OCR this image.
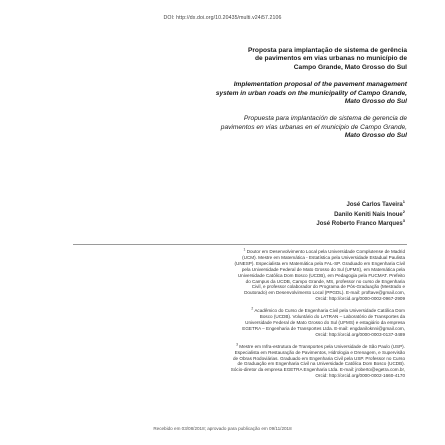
DOI: http://dx.doi.org/10.20435/multi.v24i57.2106

Proposta para implantação de sistema de gerência
de pavimentos em vias urbanas no município de
Campo Grande, Mato Grosso do Sul

Implementation proposal of the pavement management
system in urban roads on the municipality of Campo Grande,
Mato Grosso do Sul

Propuesta para implantación de sistema de gerencia de
pavimentos en vías urbanas en el municipio de Campo Grande,
Mato Grosso do Sul

José Carlos Taveira$^1$
Danilo Keniti Nais Inoue$^2$
José Roberto Franco Marques$^3$

$^1$ Doutor em Desenvolvimento Local pela Universidade Complutense de Madrid
(UCM). Mestre em Matemática - Estatística pela Universidade Estadual Paulista
(UNESP). Especialista em Matemática pela FAL-SP. Graduado em Engenharia Civil
pela Universidade Federal de Mato Grosso do Sul (UFMS), em Matemática pela
Universidade Católica Dom Bosco (UCDB), em Pedagogia pela FUCMAT. Prefeito
do Campus da UCDB, Campo Grande, MS, professor no curso de Engenharia
Civil, e professor colaborador do Programa de Pós-Graduação (Mestrado e
Doutorado) em Desenvolvimento Local (PPGDL). E-mail: proftave@gmail.com,
Orcid: http://orcid.org/0000-0002-0967-2909

$^2$ Acadêmico do Curso de Engenharia Civil pela Universidade Católica Dom
Bosco (UCDB). Voluntário do LATRAN – Laboratório de Transportes da
Universidade Federal de Mato Grosso do Sul (UFMS) e estagiário da empresa
EGETRA – Engenharia de Transportes Ltda. E-mail: engdaniloknni@gmail.com,
Orcid: http://orcid.org/0000-0003-0137-3489

$^3$ Mestre em Infra-estrutura de Transportes pela Universidade de São Paulo (USP).
Especialista em Restauração de Pavimentos, Hidrologia e Drenagem, e Supervisão
de Obras Rodoviárias. Graduado em Engenharia Civil pela USP. Professor no Curso
de Graduação em Engenharia Civil na Universidade Católica Dom Bosco (UCDB).
Sócio-diretor da empresa EGETRA Engenharia Ltda. E-mail: jroberto@egetra.com.br,
Orcid: http://orcid.org/0000-0002-1660-4170

Recebido em 03/08/2018; aprovado para publicação em 09/11/2018
